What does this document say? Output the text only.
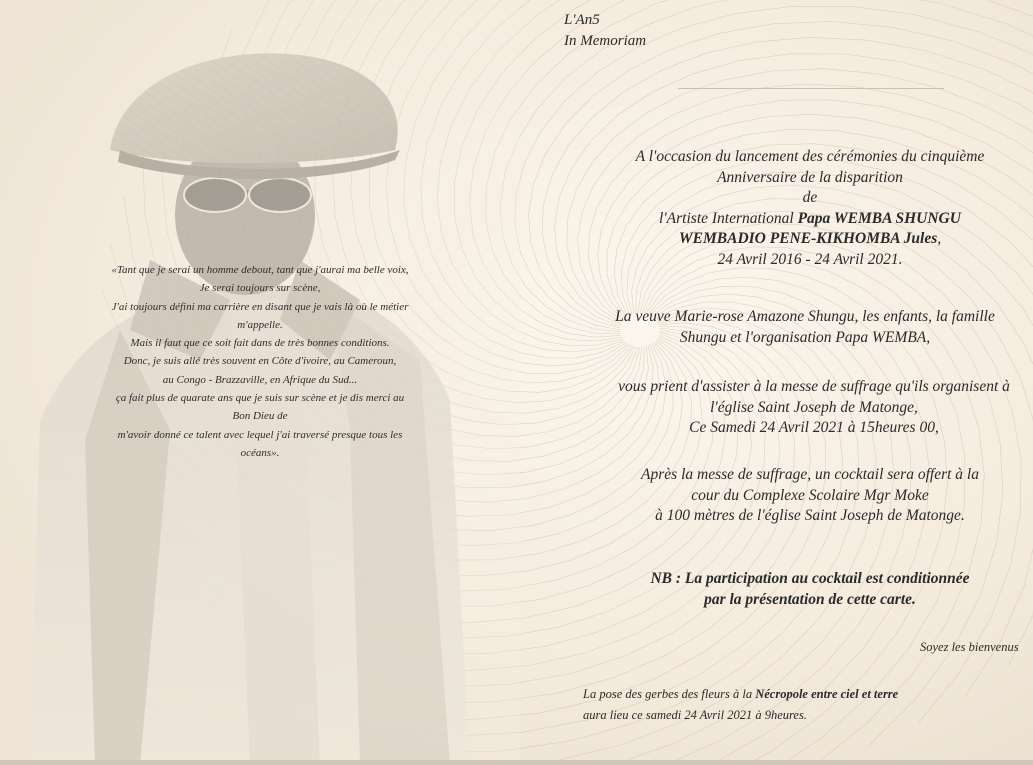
L'An5
In Memoriam
«Tant que je serai un homme debout, tant que j'aurai ma belle voix,
Je serai toujours sur scène,
J'ai toujours défini ma carrière en disant que je vais là où le métier
m'appelle.
Mais il faut que ce soit fait dans de très bonnes conditions.
Donc, je suis allé très souvent en Côte d'ivoire, au Cameroun,
au Congo - Brazzaville, en Afrique du Sud...
ça fait plus de quarate ans que je suis sur scène et je dis merci au
Bon Dieu de
m'avoir donné ce talent avec lequel j'ai traversé presque tous les
océans».
A l'occasion du lancement des cérémonies du cinquième
Anniversaire de la disparition
de
l'Artiste International Papa WEMBA SHUNGU
WEMBADIO PENE-KIKHOMBA Jules,
24 Avril 2016 - 24 Avril 2021.
La veuve Marie-rose Amazone Shungu, les enfants, la famille
Shungu et l'organisation Papa WEMBA,
vous prient d'assister à la messe de suffrage qu'ils organisent à
l'église Saint Joseph de Matonge,
Ce Samedi 24 Avril 2021 à 15heures 00,
Après la messe de suffrage, un cocktail sera offert à la
cour du Complexe Scolaire Mgr Moke
à 100 mètres de l'église Saint Joseph de Matonge.
NB : La participation au cocktail est conditionnée
par la présentation de cette carte.
Soyez les bienvenus
La pose des gerbes des fleurs à la Nécropole entre ciel et terre
aura lieu ce samedi 24 Avril 2021 à 9heures.
